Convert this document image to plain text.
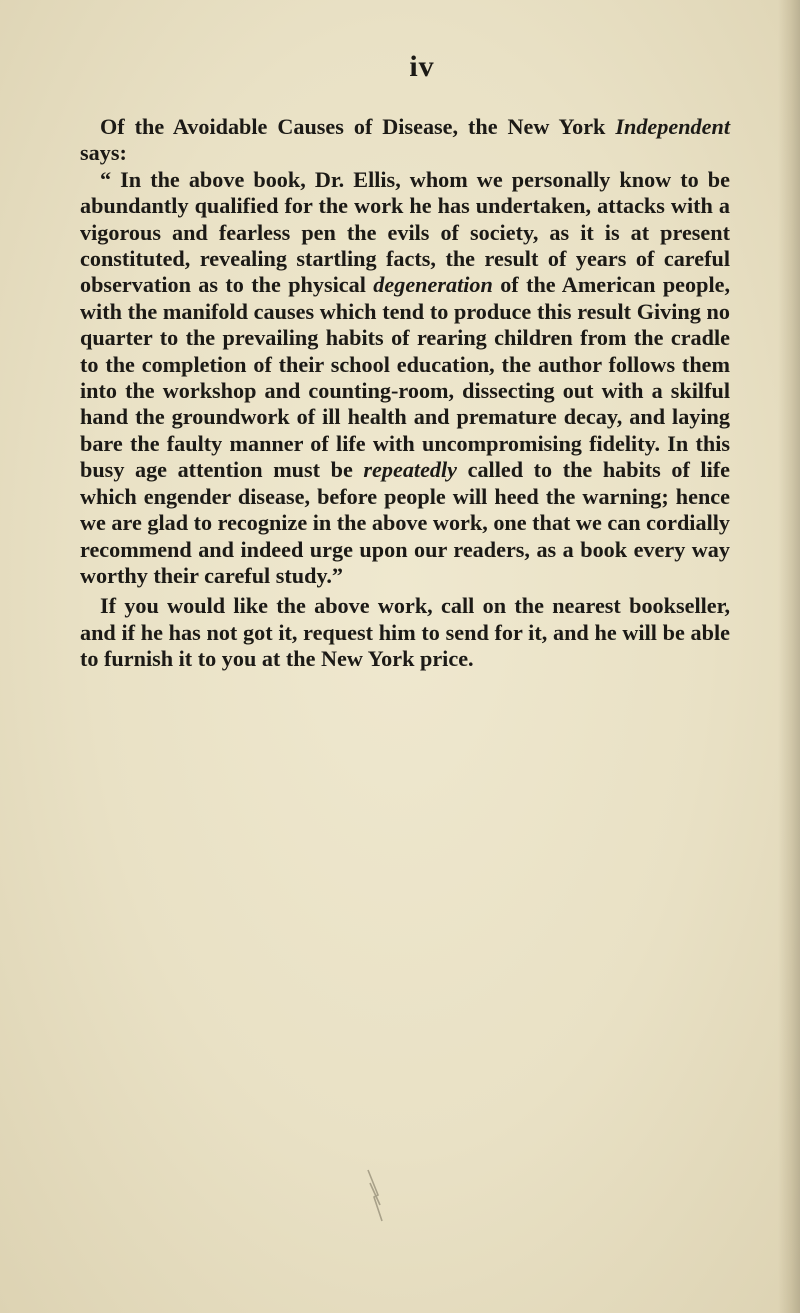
iv

Of the Avoidable Causes of Disease, the New York Independent says:

“ In the above book, Dr. Ellis, whom we personally know to be abundantly qualified for the work he has undertaken, attacks with a vigorous and fearless pen the evils of society, as it is at present constituted, revealing startling facts, the result of years of careful observation as to the physical degeneration of the American people, with the manifold causes which tend to produce this result Giving no quarter to the prevailing habits of rearing children from the cradle to the completion of their school education, the author follows them into the workshop and counting-room, dissecting out with a skilful hand the groundwork of ill health and premature decay, and laying bare the faulty manner of life with uncompromising fidelity. In this busy age attention must be repeatedly called to the habits of life which engender disease, before people will heed the warning; hence we are glad to recognize in the above work, one that we can cordially recommend and indeed urge upon our readers, as a book every way worthy their careful study.”

If you would like the above work, call on the nearest bookseller, and if he has not got it, request him to send for it, and he will be able to furnish it to you at the New York price.
